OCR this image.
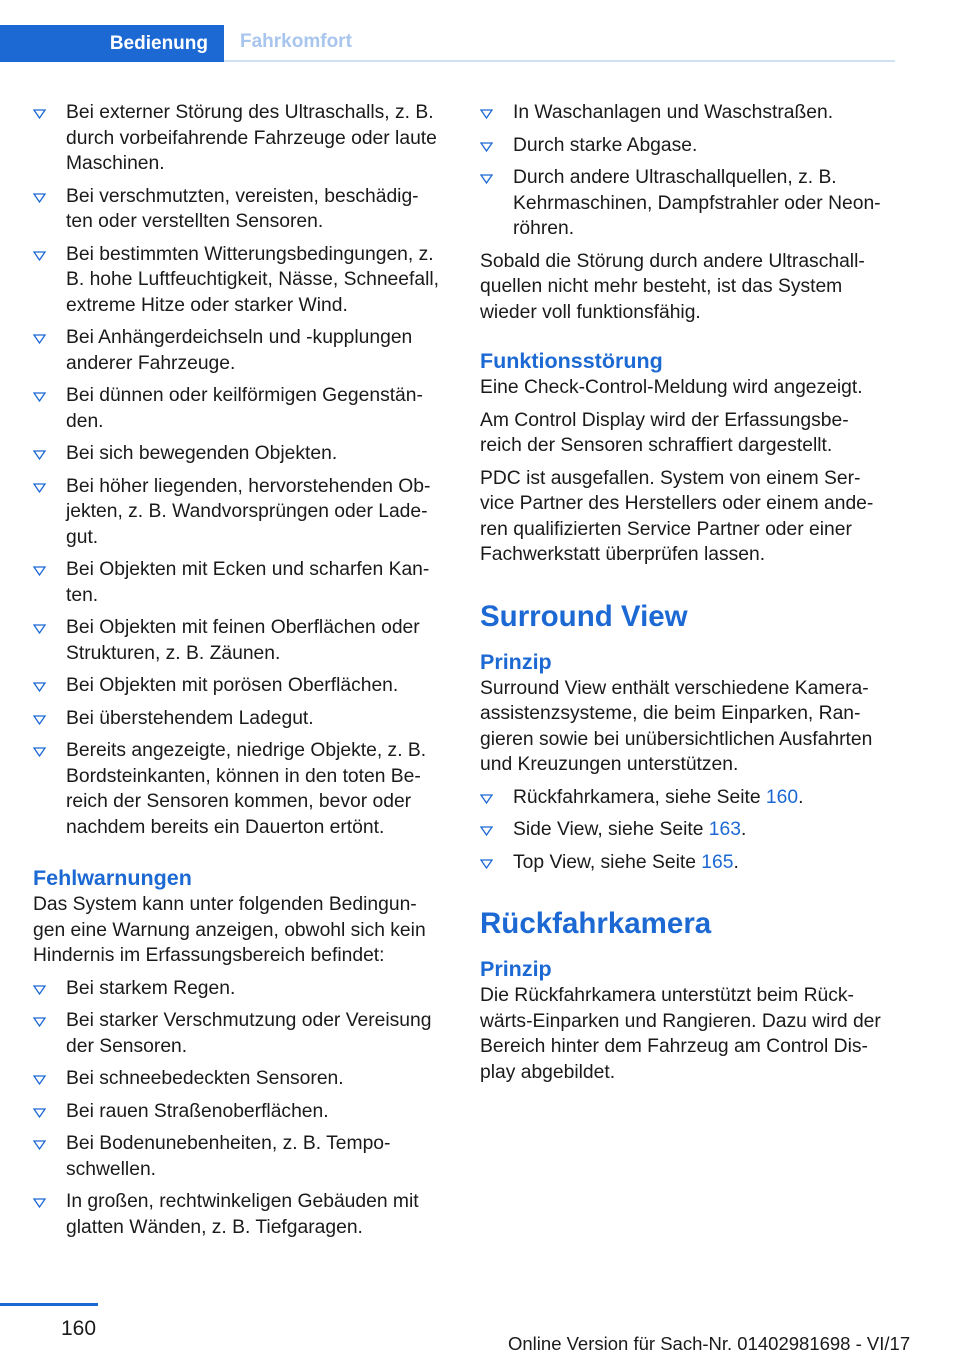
Bedienung	Fahrkomfort
Bei externer Störung des Ultraschalls, z. B. durch vorbeifahrende Fahrzeuge oder laute Maschinen.
Bei verschmutzten, vereisten, beschädig‐ ten oder verstellten Sensoren.
Bei bestimmten Witterungsbedingungen, z. B. hohe Luftfeuchtigkeit, Nässe, Schneefall, extreme Hitze oder starker Wind.
Bei Anhängerdeichseln und -kupplungen anderer Fahrzeuge.
Bei dünnen oder keilförmigen Gegenstän‐ den.
Bei sich bewegenden Objekten.
Bei höher liegenden, hervorstehenden Ob‐ jekten, z. B. Wandvorsprüngen oder Lade‐ gut.
Bei Objekten mit Ecken und scharfen Kan‐ ten.
Bei Objekten mit feinen Oberflächen oder Strukturen, z. B. Zäunen.
Bei Objekten mit porösen Oberflächen.
Bei überstehendem Ladegut.
Bereits angezeigte, niedrige Objekte, z. B. Bordsteinkanten, können in den toten Be‐ reich der Sensoren kommen, bevor oder nachdem bereits ein Dauerton ertönt.
Fehlwarnungen

Das System kann unter folgenden Bedingun‐ gen eine Warnung anzeigen, obwohl sich kein Hindernis im Erfassungsbereich befindet:

Bei starkem Regen.
Bei starker Verschmutzung oder Vereisung der Sensoren.
Bei schneebedeckten Sensoren.
Bei rauen Straßenoberflächen.
Bei Bodenunebenheiten, z. B. Tempo‐ schwellen.
In großen, rechtwinkeligen Gebäuden mit glatten Wänden, z. B. Tiefgaragen.
In Waschanlagen und Waschstraßen.
Durch starke Abgase.
Durch andere Ultraschallquellen, z. B. Kehrmaschinen, Dampfstrahler oder Neon‐ röhren.

Sobald die Störung durch andere Ultraschall‐ quellen nicht mehr besteht, ist das System wieder voll funktionsfähig.

Funktionsstörung

Eine Check-Control-Meldung wird angezeigt.

Am Control Display wird der Erfassungsbe‐ reich der Sensoren schraffiert dargestellt.

PDC ist ausgefallen. System von einem Ser‐ vice Partner des Herstellers oder einem ande‐ ren qualifizierten Service Partner oder einer Fachwerkstatt überprüfen lassen.

Surround View
Prinzip

Surround View enthält verschiedene Kamera‐ assistenzsysteme, die beim Einparken, Ran‐ gieren sowie bei unübersichtlichen Ausfahrten und Kreuzungen unterstützen.

Rückfahrkamera, siehe Seite 160.
Side View, siehe Seite 163.
Top View, siehe Seite 165.
Rückfahrkamera
Prinzip

Die Rückfahrkamera unterstützt beim Rück‐ wärts-Einparken und Rangieren. Dazu wird der Bereich hinter dem Fahrzeug am Control Dis‐ play abgebildet.

160
Online Version für Sach-Nr. 01402981698 - VI/17
